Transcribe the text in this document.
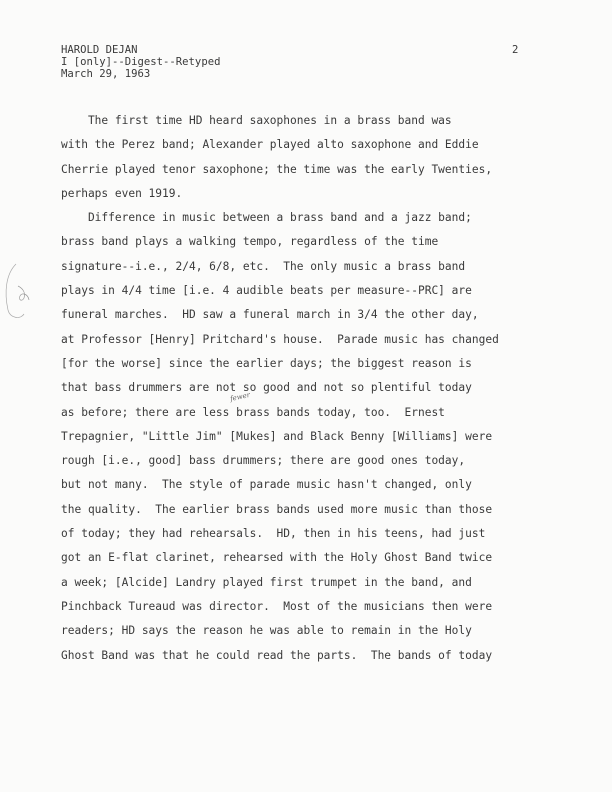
HAROLD DEJAN
I [only]--Digest--Retyped
March 29, 1963
2
fewer
The first time HD heard saxophones in a brass band was
with the Perez band; Alexander played alto saxophone and Eddie
Cherrie played tenor saxophone; the time was the early Twenties,
perhaps even 1919.
Difference in music between a brass band and a jazz band;
brass band plays a walking tempo, regardless of the time
signature--i.e., 2/4, 6/8, etc.  The only music a brass band
plays in 4/4 time [i.e. 4 audible beats per measure--PRC] are
funeral marches.  HD saw a funeral march in 3/4 the other day,
at Professor [Henry] Pritchard's house.  Parade music has changed
[for the worse] since the earlier days; the biggest reason is
that bass drummers are not so good and not so plentiful today
as before; there are less brass bands today, too.  Ernest
Trepagnier, "Little Jim" [Mukes] and Black Benny [Williams] were
rough [i.e., good] bass drummers; there are good ones today,
but not many.  The style of parade music hasn't changed, only
the quality.  The earlier brass bands used more music than those
of today; they had rehearsals.  HD, then in his teens, had just
got an E-flat clarinet, rehearsed with the Holy Ghost Band twice
a week; [Alcide] Landry played first trumpet in the band, and
Pinchback Tureaud was director.  Most of the musicians then were
readers; HD says the reason he was able to remain in the Holy
Ghost Band was that he could read the parts.  The bands of today
